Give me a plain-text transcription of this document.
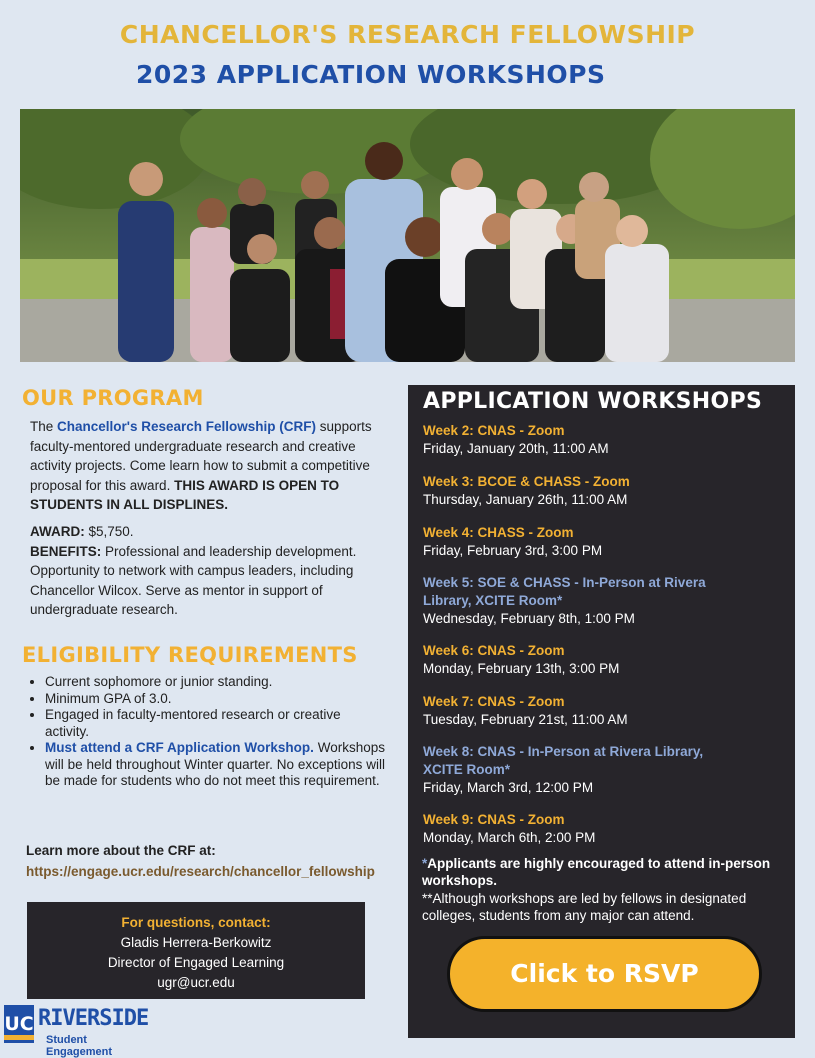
CHANCELLOR'S RESEARCH FELLOWSHIP
2023 APPLICATION WORKSHOPS
OUR PROGRAM
The Chancellor's Research Fellowship (CRF) supports faculty-mentored undergraduate research and creative activity projects. Come learn how to submit a competitive proposal for this award. THIS AWARD IS OPEN TO STUDENTS IN ALL DISPLINES.
AWARD: $5,750.
BENEFITS: Professional and leadership development. Opportunity to network with campus leaders, including Chancellor Wilcox. Serve as mentor in support of undergraduate research.
ELIGIBILITY REQUIREMENTS
• Current sophomore or junior standing.
• Minimum GPA of 3.0.
• Engaged in faculty-mentored research or creative activity.
• Must attend a CRF Application Workshop. Workshops will be held throughout Winter quarter. No exceptions will be made for students who do not meet this requirement.
Learn more about the CRF at:
https://engage.ucr.edu/research/chancellor_fellowship
For questions, contact:
Gladis Herrera-Berkowitz
Director of Engaged Learning
ugr@ucr.edu
UC RIVERSIDE
Student Engagement
APPLICATION WORKSHOPS
Week 2: CNAS - Zoom
Friday, January 20th, 11:00 AM
Week 3: BCOE & CHASS - Zoom
Thursday, January 26th, 11:00 AM
Week 4: CHASS - Zoom
Friday, February 3rd, 3:00 PM
Week 5: SOE & CHASS - In-Person at Rivera Library, XCITE Room*
Wednesday, February 8th, 1:00 PM
Week 6: CNAS - Zoom
Monday, February 13th, 3:00 PM
Week 7: CNAS - Zoom
Tuesday, February 21st, 11:00 AM
Week 8: CNAS - In-Person at Rivera Library, XCITE Room*
Friday, March 3rd, 12:00 PM
Week 9: CNAS - Zoom
Monday, March 6th, 2:00 PM
*Applicants are highly encouraged to attend in-person workshops.
**Although workshops are led by fellows in designated colleges, students from any major can attend.
Click to RSVP
